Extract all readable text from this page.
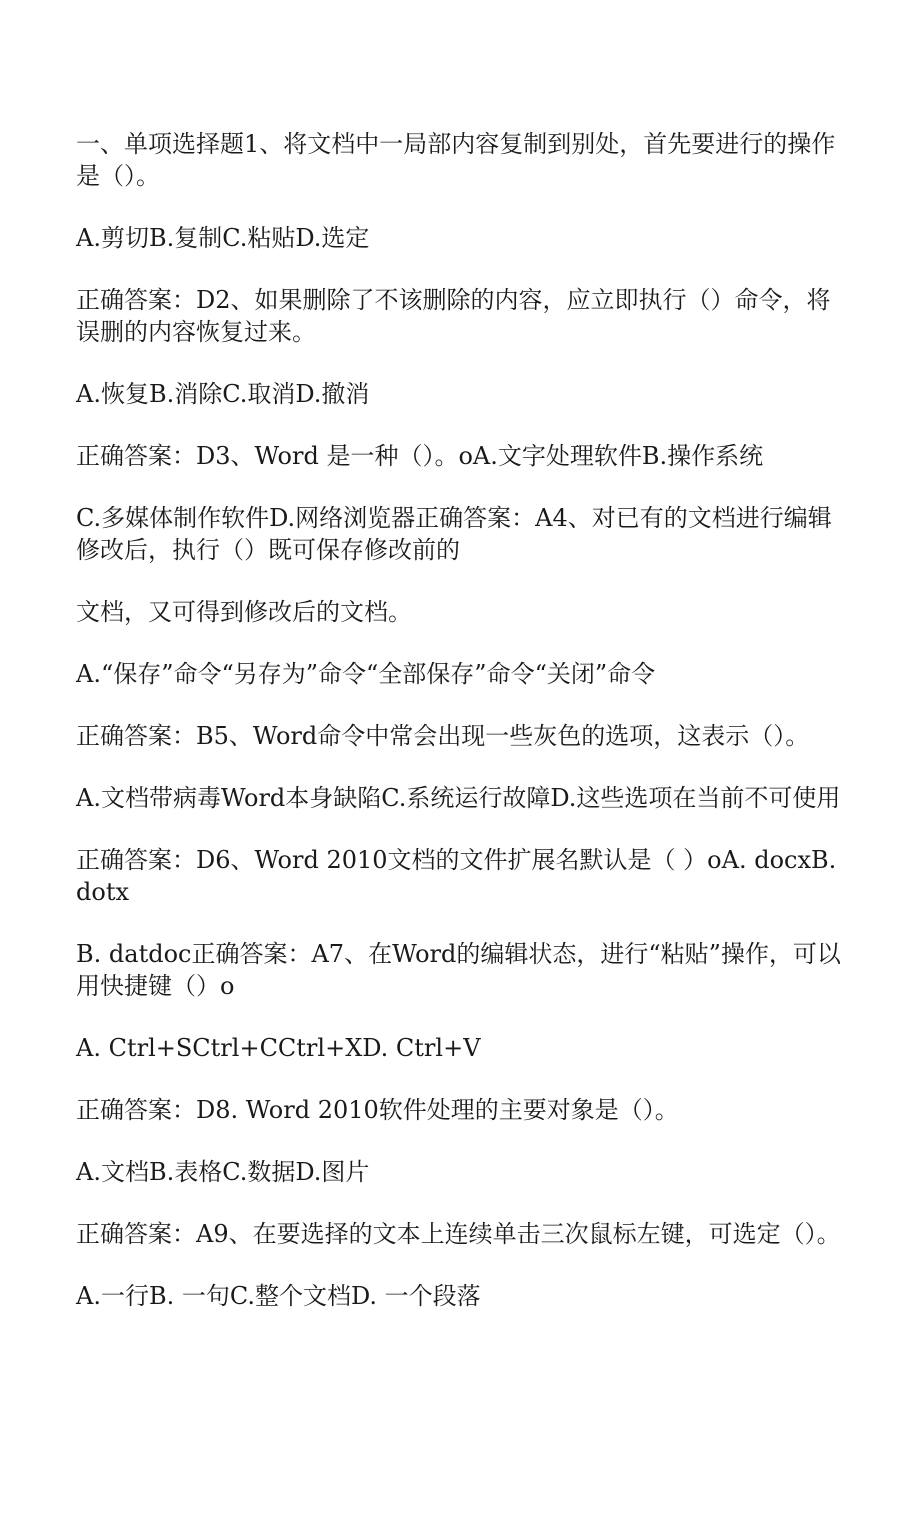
一、单项选择题1、将文档中一局部内容复制到别处，首先要进行的操作是（）。

A.剪切B.复制C.粘贴D.选定

正确答案：D2、如果删除了不该删除的内容，应立即执行（）命令，将误删的内容恢复过来。

A.恢复B.消除C.取消D.撤消

正确答案：D3、Word 是一种（）。oA.文字处理软件B.操作系统

C.多媒体制作软件D.网络浏览器正确答案：A4、对已有的文档进行编辑修改后，执行（）既可保存修改前的

文档，又可得到修改后的文档。

A.“保存”命令“另存为”命令“全部保存”命令“关闭”命令

正确答案：B5、Word命令中常会出现一些灰色的选项，这表示（）。

A.文档带病毒Word本身缺陷C.系统运行故障D.这些选项在当前不可使用

正确答案：D6、Word 2010文档的文件扩展名默认是（ ）oA. docxB.dotx

B. datdoc正确答案：A7、在Word的编辑状态，进行“粘贴”操作，可以用快捷键（）o

A. Ctrl+SCtrl+CCtrl+XD. Ctrl+V

正确答案：D8. Word 2010软件处理的主要对象是（）。

A.文档B.表格C.数据D.图片

正确答案：A9、在要选择的文本上连续单击三次鼠标左键，可选定（）。

A.一行B. 一句C.整个文档D. 一个段落
